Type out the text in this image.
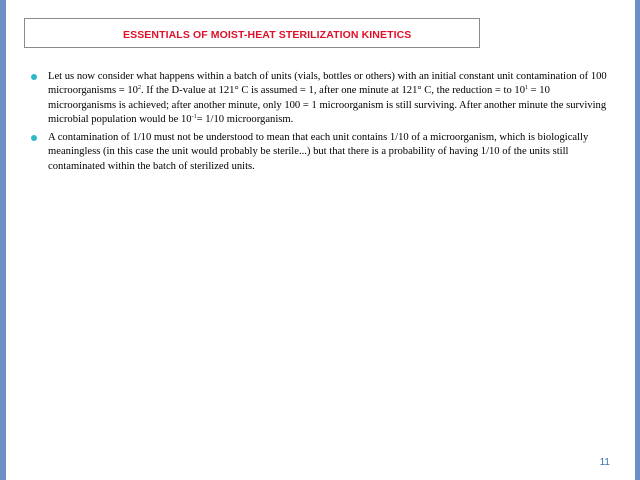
ESSENTIALS OF MOIST-HEAT STERILIZATION KINETICS
Let us now consider what happens within a batch of units (vials, bottles or others) with an initial constant unit contamination of 100 microorganisms = $10^2$. If the D-value at 121° C is assumed = 1, after one minute at 121° C, the reduction = to $10^1 = 10$ microorganisms is achieved; after another minute, only 100 = 1 microorganism is still surviving. After another minute the surviving microbial population would be $10^{-1}= 1/10$ microorganism.
A contamination of 1/10 must not be understood to mean that each unit contains 1/10 of a microorganism, which is biologically meaningless (in this case the unit would probably be sterile...) but that there is a probability of having 1/10 of the units still contaminated within the batch of sterilized units.
11
